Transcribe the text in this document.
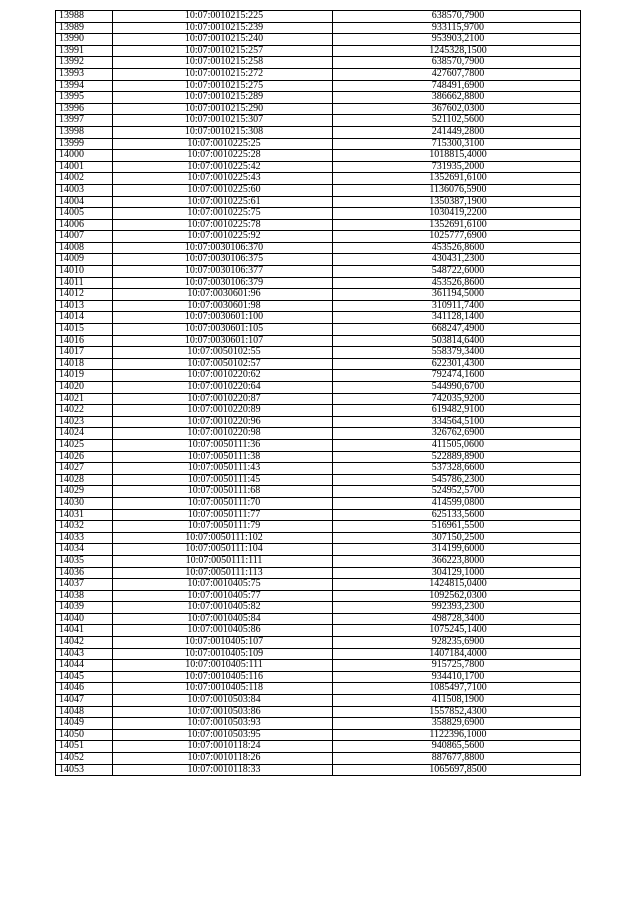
13988	10:07:0010215:225	638570,7900
13989	10:07:0010215:239	933115,9700
13990	10:07:0010215:240	953903,2100
13991	10:07:0010215:257	1245328,1500
13992	10:07:0010215:258	638570,7900
13993	10:07:0010215:272	427607,7800
13994	10:07:0010215:275	748491,6900
13995	10:07:0010215:289	386662,8800
13996	10:07:0010215:290	367602,0300
13997	10:07:0010215:307	521102,5600
13998	10:07:0010215:308	241449,2800
13999	10:07:0010225:25	715300,3100
14000	10:07:0010225:28	1018815,4000
14001	10:07:0010225:42	731935,2000
14002	10:07:0010225:43	1352691,6100
14003	10:07:0010225:60	1136076,5900
14004	10:07:0010225:61	1350387,1900
14005	10:07:0010225:75	1030419,2200
14006	10:07:0010225:78	1352691,6100
14007	10:07:0010225:92	1025777,6900
14008	10:07:0030106:370	453526,8600
14009	10:07:0030106:375	430431,2300
14010	10:07:0030106:377	548722,6000
14011	10:07:0030106:379	453526,8600
14012	10:07:0030601:96	361194,5000
14013	10:07:0030601:98	310911,7400
14014	10:07:0030601:100	341128,1400
14015	10:07:0030601:105	668247,4900
14016	10:07:0030601:107	503814,6400
14017	10:07:0050102:55	558379,3400
14018	10:07:0050102:57	622301,4300
14019	10:07:0010220:62	792474,1600
14020	10:07:0010220:64	544990,6700
14021	10:07:0010220:87	742035,9200
14022	10:07:0010220:89	619482,9100
14023	10:07:0010220:96	334564,5100
14024	10:07:0010220:98	326762,6900
14025	10:07:0050111:36	411505,0600
14026	10:07:0050111:38	522889,8900
14027	10:07:0050111:43	537328,6600
14028	10:07:0050111:45	545786,2300
14029	10:07:0050111:68	524952,5700
14030	10:07:0050111:70	414599,0800
14031	10:07:0050111:77	625133,5600
14032	10:07:0050111:79	516961,5500
14033	10:07:0050111:102	307150,2500
14034	10:07:0050111:104	314199,6000
14035	10:07:0050111:111	366223,8000
14036	10:07:0050111:113	304129,1000
14037	10:07:0010405:75	1424815,0400
14038	10:07:0010405:77	1092562,0300
14039	10:07:0010405:82	992393,2300
14040	10:07:0010405:84	498728,3400
14041	10:07:0010405:86	1075245,1400
14042	10:07:0010405:107	928235,6900
14043	10:07:0010405:109	1407184,4000
14044	10:07:0010405:111	915725,7800
14045	10:07:0010405:116	934410,1700
14046	10:07:0010405:118	1085497,7100
14047	10:07:0010503:84	411508,1900
14048	10:07:0010503:86	1557852,4300
14049	10:07:0010503:93	358829,6900
14050	10:07:0010503:95	1122396,1000
14051	10:07:0010118:24	940865,5600
14052	10:07:0010118:26	887677,8800
14053	10:07:0010118:33	1065697,8500
